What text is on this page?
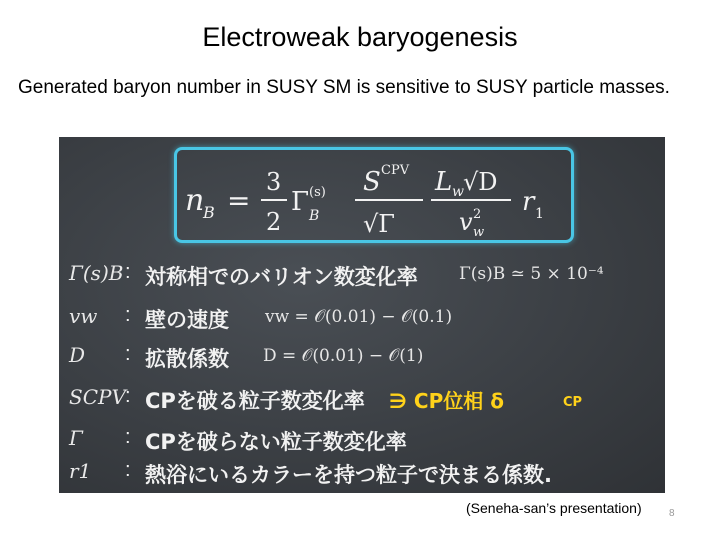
Electroweak baryogenesis
Generated baryon number in SUSY SM is sensitive to SUSY particle masses.
n
B =
3
2
Γ (s)
B
S CPV
√Γ
L w √D
v 2
w
r 1
Γ(s)B : 対称相でのバリオン数変化率 Γ(s)B ≃ 5 × 10⁻⁴
vw : 壁の速度 vw = 𝒪(0.01) − 𝒪(0.1)
D : 拡散係数 D = 𝒪(0.01) − 𝒪(1)
SCPV : CPを破る粒子数変化率 ∋ CP位相 δ	CP
Γ : CPを破らない粒子数変化率
r1 : 熱浴にいるカラーを持つ粒子で決まる係数.
(Seneha-san’s presentation)	8
